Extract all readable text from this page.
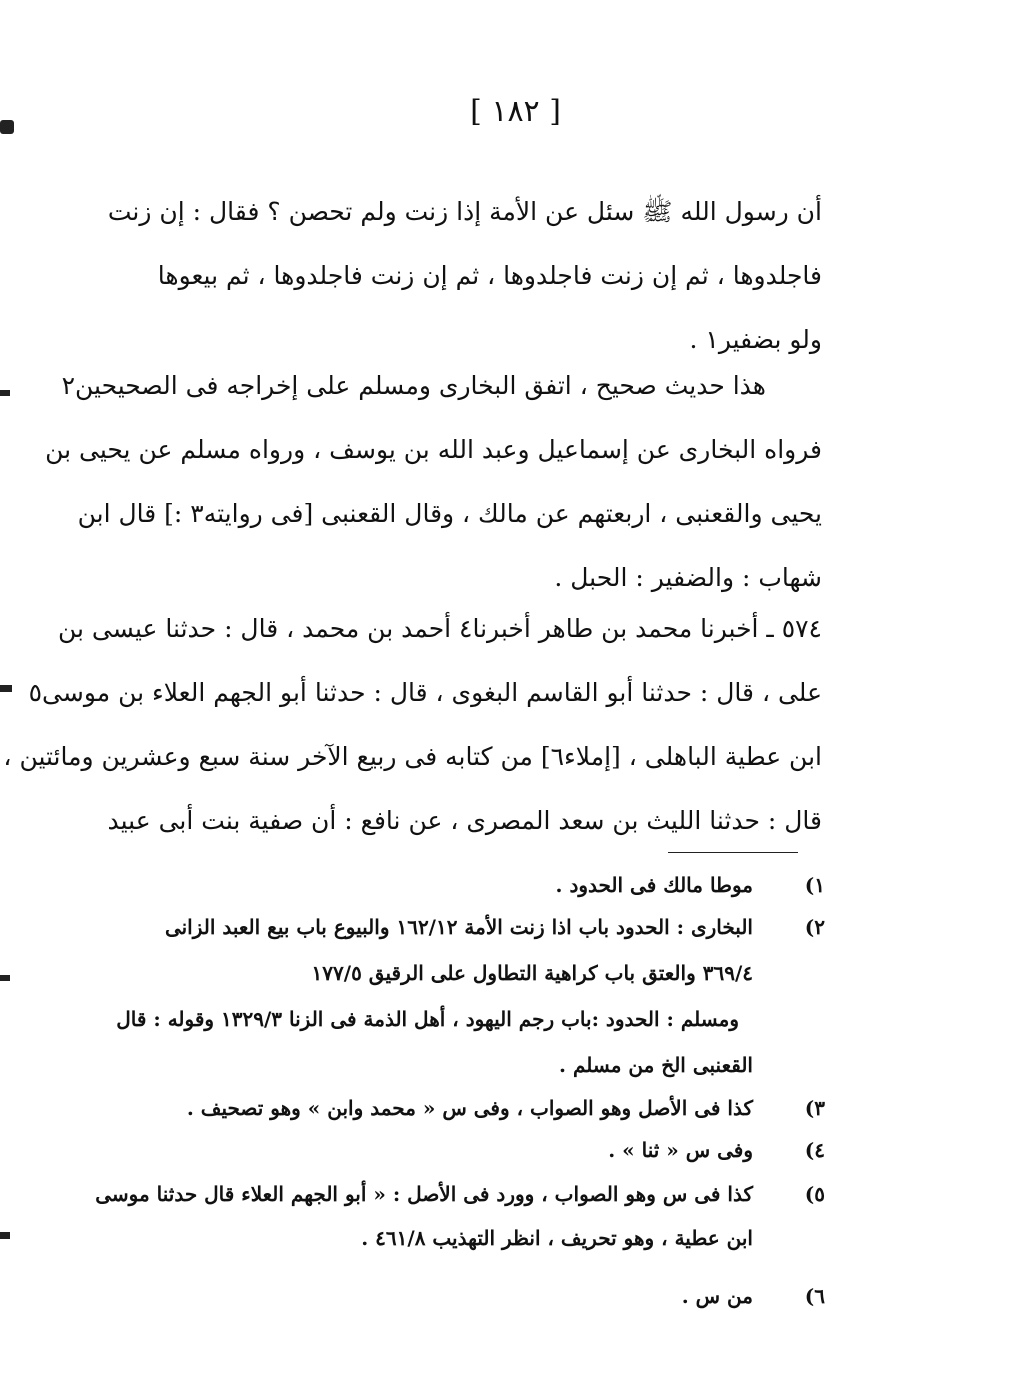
[ ١٨٢ ]
أن رسول الله ﷺ سئل عن الأمة إذا زنت ولم تحصن ؟ فقال : إن زنت
فاجلدوها ، ثم إن زنت فاجلدوها ، ثم إن زنت فاجلدوها ، ثم بيعوها
ولو بضفير١ .
هذا حديث صحيح ، اتفق البخارى ومسلم على إخراجه فى الصحيحين٢
فرواه البخارى عن إسماعيل وعبد الله بن يوسف ، ورواه مسلم عن يحيى بن
يحيى والقعنبى ، اربعتهم عن مالك ، وقال القعنبى [فى روايته٣ :] قال ابن
شهاب : والضفير : الحبل .
٥٧٤ ـ أخبرنا محمد بن طاهر أخبرنا٤ أحمد بن محمد ، قال : حدثنا عيسى بن
على ، قال : حدثنا أبو القاسم البغوى ، قال : حدثنا أبو الجهم العلاء بن موسى٥
ابن عطية الباهلى ، [إملاء٦] من كتابه فى ربيع الآخر سنة سبع وعشرين ومائتين ،
قال : حدثنا الليث بن سعد المصرى ، عن نافع : أن صفية بنت أبى عبيد
١)
موطا مالك فى الحدود .
٢)
البخارى : الحدود باب اذا زنت الأمة ١٦٢/١٢ والبيوع باب بيع العبد الزانى
٣٦٩/٤ والعتق باب كراهية التطاول على الرقيق ١٧٧/٥
ومسلم : الحدود :باب رجم اليهود ، أهل الذمة فى الزنا ١٣٢٩/٣ وقوله : قال
القعنبى الخ من مسلم .
٣)
كذا فى الأصل وهو الصواب ، وفى س « محمد وابن » وهو تصحيف .
٤)
وفى س « ثنا » .
٥)
كذا فى س وهو الصواب ، وورد فى الأصل : « أبو الجهم العلاء قال حدثنا موسى
ابن عطية ، وهو تحريف ، انظر التهذيب ٤٦١/٨ .
٦)
من س .
